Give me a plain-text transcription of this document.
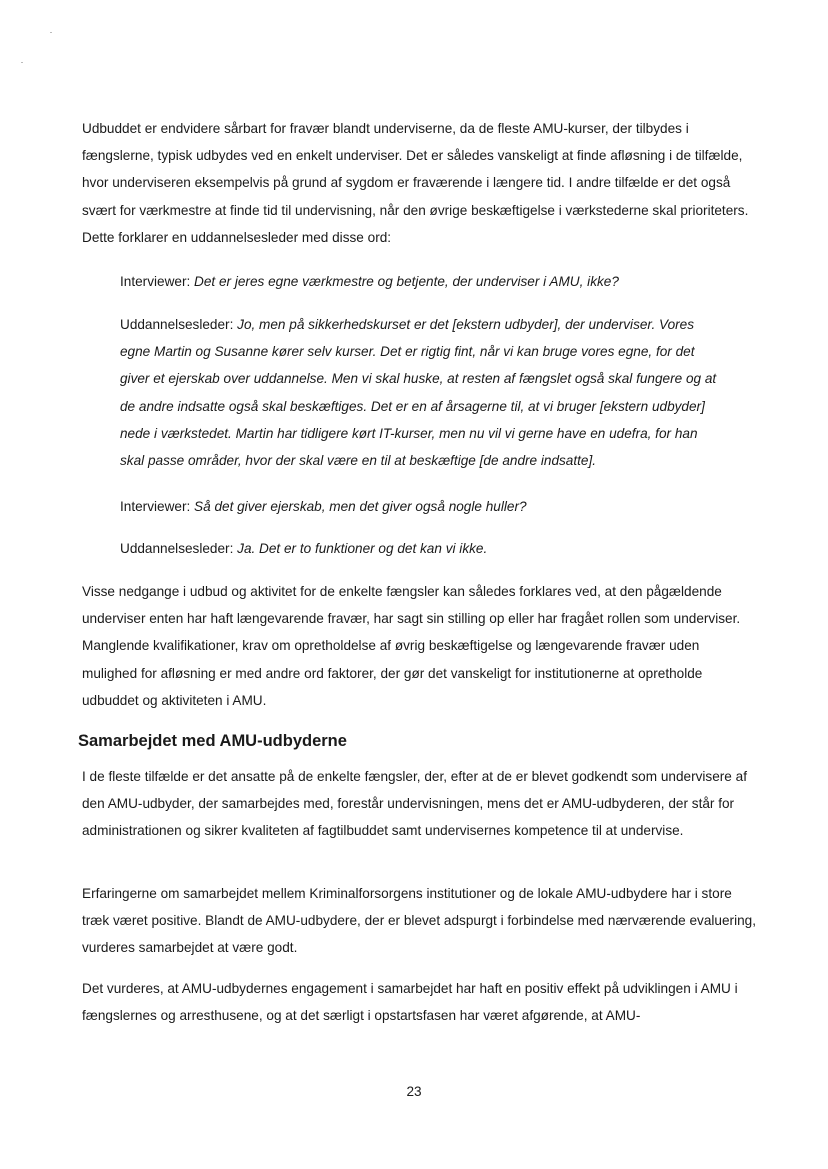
Udbuddet er endvidere sårbart for fravær blandt underviserne, da de fleste AMU-kurser, der tilbydes i fængslerne, typisk udbydes ved en enkelt underviser. Det er således vanskeligt at finde afløsning i de tilfælde, hvor underviseren eksempelvis på grund af sygdom er fraværende i længere tid. I andre tilfælde er det også svært for værkmestre at finde tid til undervisning, når den øvrige beskæftigelse i værkstederne skal prioriteters. Dette forklarer en uddannelsesleder med disse ord:

Interviewer: Det er jeres egne værkmestre og betjente, der underviser i AMU, ikke?

Uddannelsesleder: Jo, men på sikkerhedskurset er det [ekstern udbyder], der underviser. Vores egne Martin og Susanne kører selv kurser. Det er rigtig fint, når vi kan bruge vores egne, for det giver et ejerskab over uddannelse. Men vi skal huske, at resten af fængslet også skal fungere og at de andre indsatte også skal beskæftiges. Det er en af årsagerne til, at vi bruger [ekstern udbyder] nede i værkstedet. Martin har tidligere kørt IT-kurser, men nu vil vi gerne have en udefra, for han skal passe områder, hvor der skal være en til at beskæftige [de andre indsatte].

Interviewer: Så det giver ejerskab, men det giver også nogle huller?

Uddannelsesleder: Ja. Det er to funktioner og det kan vi ikke.

Visse nedgange i udbud og aktivitet for de enkelte fængsler kan således forklares ved, at den pågældende underviser enten har haft længevarende fravær, har sagt sin stilling op eller har fragået rollen som underviser. Manglende kvalifikationer, krav om opretholdelse af øvrig beskæftigelse og længevarende fravær uden mulighed for afløsning er med andre ord faktorer, der gør det vanskeligt for institutionerne at opretholde udbuddet og aktiviteten i AMU.

Samarbejdet med AMU-udbyderne

I de fleste tilfælde er det ansatte på de enkelte fængsler, der, efter at de er blevet godkendt som undervisere af den AMU-udbyder, der samarbejdes med, forestår undervisningen, mens det er AMU-udbyderen, der står for administrationen og sikrer kvaliteten af fagtilbuddet samt undervisernes kompetence til at undervise.

Erfaringerne om samarbejdet mellem Kriminalforsorgens institutioner og de lokale AMU-udbydere har i store træk været positive. Blandt de AMU-udbydere, der er blevet adspurgt i forbindelse med nærværende evaluering, vurderes samarbejdet at være godt.

Det vurderes, at AMU-udbydernes engagement i samarbejdet har haft en positiv effekt på udviklingen i AMU i fængslernes og arresthusene, og at det særligt i opstartsfasen har været afgørende, at AMU-

23
